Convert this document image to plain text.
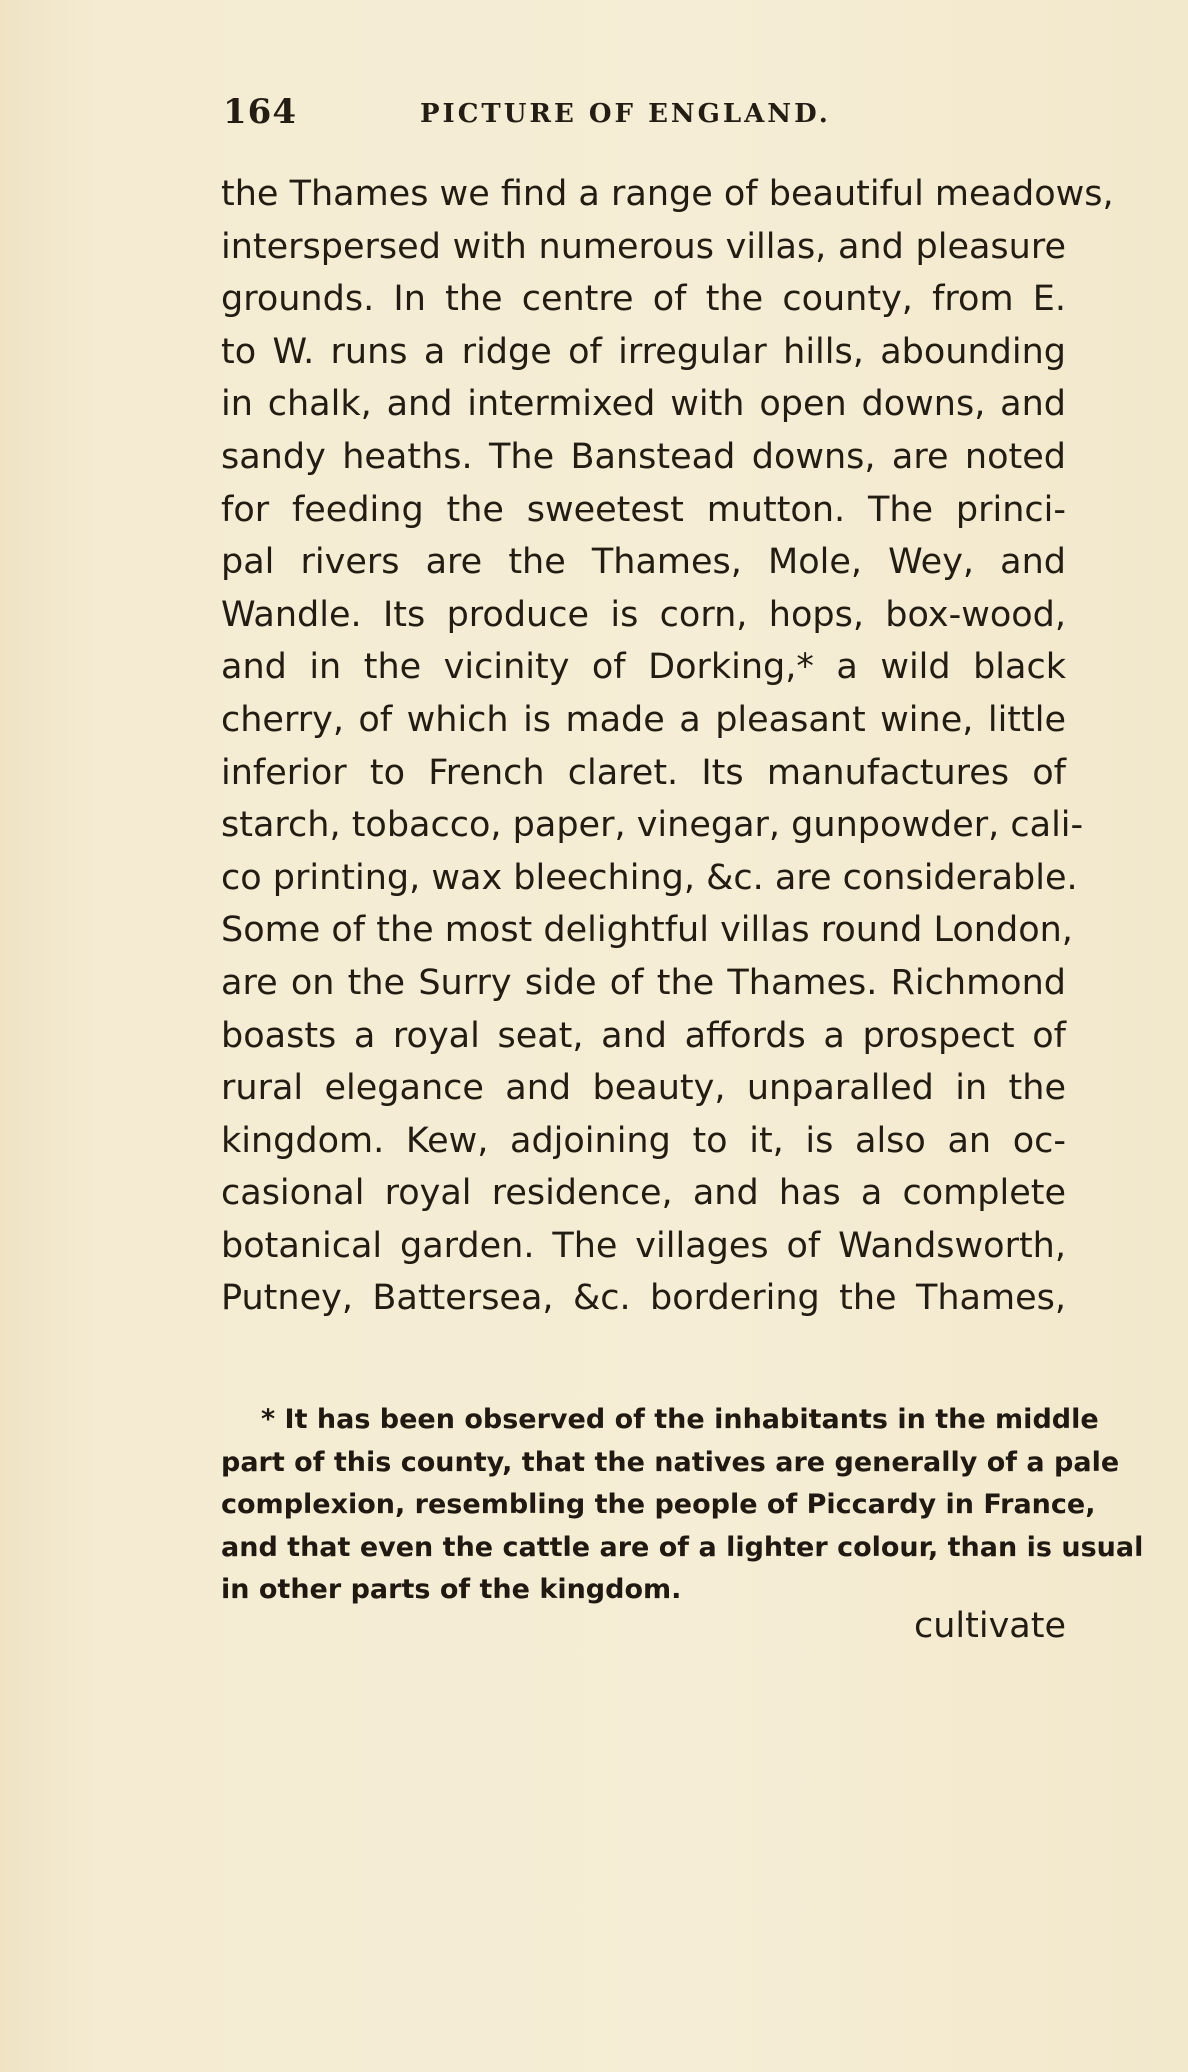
164	PICTURE OF ENGLAND.
the Thames we find a range of beautiful meadows,
interspersed with numerous villas, and pleasure
grounds. In the centre of the county, from E.
to W. runs a ridge of irregular hills, abounding
in chalk, and intermixed with open downs, and
sandy heaths. The Banstead downs, are noted
for feeding the sweetest mutton. The princi-
pal rivers are the Thames, Mole, Wey, and
Wandle. Its produce is corn, hops, box-wood,
and in the vicinity of Dorking,* a wild black
cherry, of which is made a pleasant wine, little
inferior to French claret. Its manufactures of
starch, tobacco, paper, vinegar, gunpowder, cali-
co printing, wax bleeching, &c. are considerable.
Some of the most delightful villas round London,
are on the Surry side of the Thames. Richmond
boasts a royal seat, and affords a prospect of
rural elegance and beauty, unparalled in the
kingdom. Kew, adjoining to it, is also an oc-
casional royal residence, and has a complete
botanical garden. The villages of Wandsworth,
Putney, Battersea, &c. bordering the Thames,
* It has been observed of the inhabitants in the middle
part of this county, that the natives are generally of a pale
complexion, resembling the people of Piccardy in France,
and that even the cattle are of a lighter colour, than is usual
in other parts of the kingdom.
cultivate
